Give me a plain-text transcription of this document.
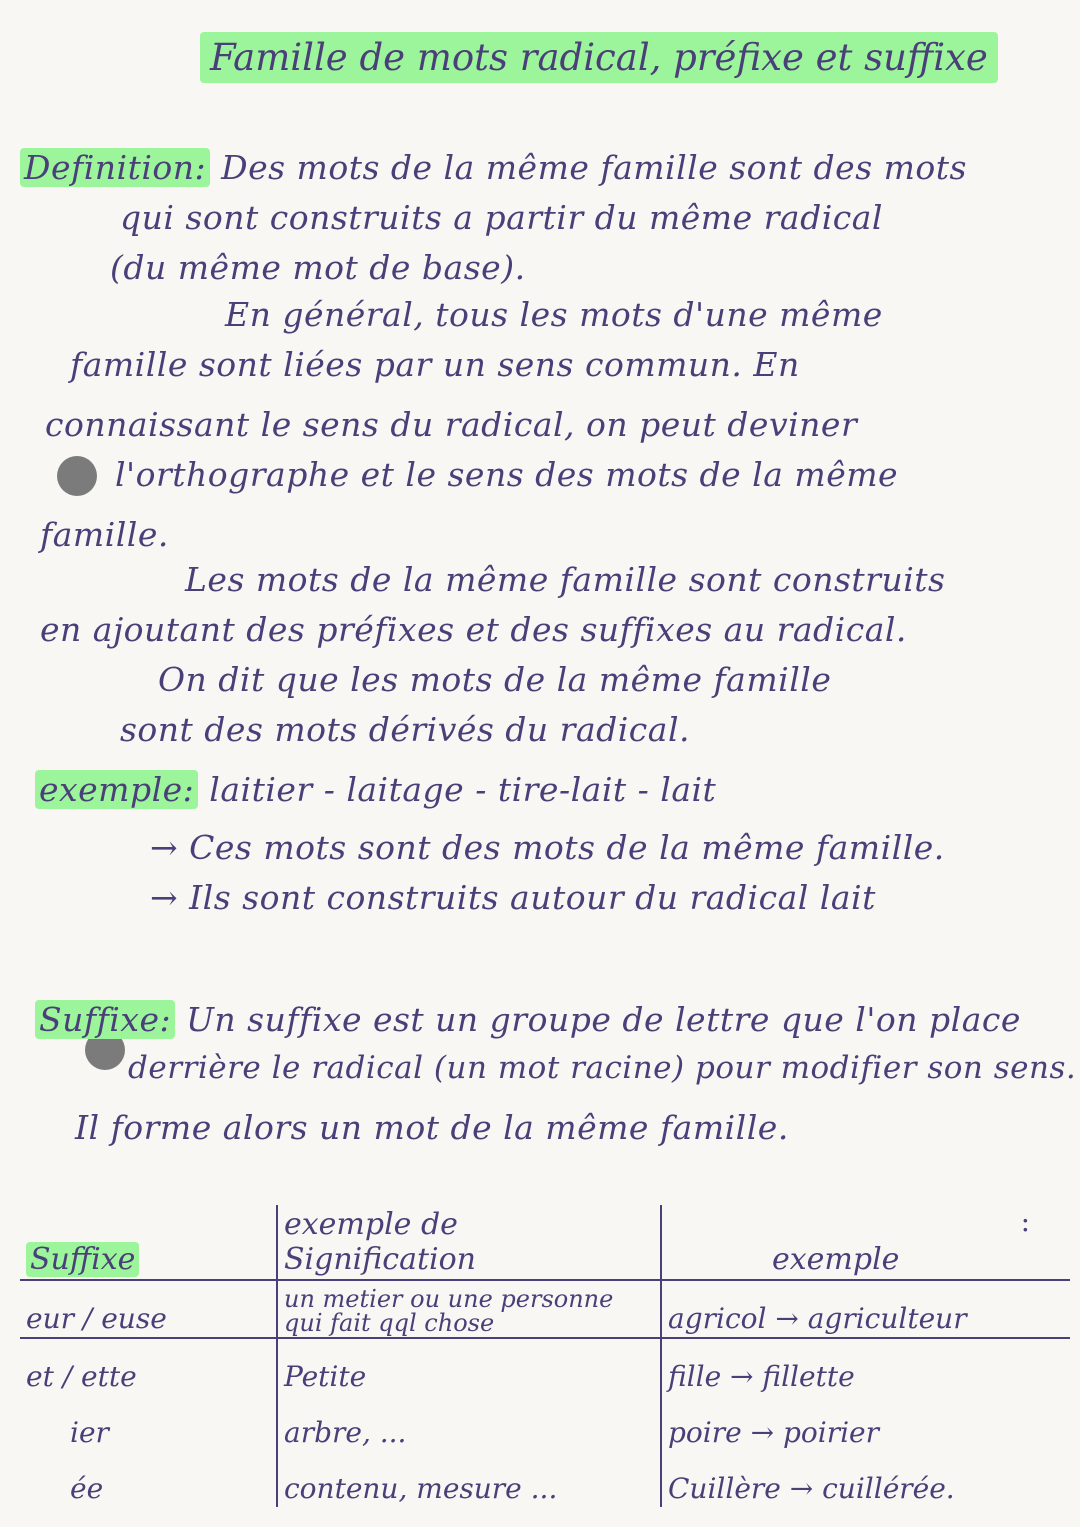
Famille de mots radical, préfixe et suffixe
Definition: Des mots de la même famille sont des mots
qui sont construits a partir du même radical
(du même mot de base).
En général, tous les mots d'une même
famille sont liées par un sens commun. En
connaissant le sens du radical, on peut deviner
l'orthographe et le sens des mots de la même
famille.
Les mots de la même famille sont construits
en ajoutant des préfixes et des suffixes au radical.
On dit que les mots de la même famille
sont des mots dérivés du radical.
exemple: laitier - laitage - tire-lait - lait
→ Ces mots sont des mots de la même famille.
→ Ils sont construits autour du radical lait
Suffixe: Un suffixe est un groupe de lettre que l'on place
derrière le radical (un mot racine) pour modifier son sens.
Il forme alors un mot de la même famille.
:
Suffixe	exemple de Signification	exemple
eur / euse	un metier ou une personne qui fait qql chose	agricol → agriculteur
et / ette	Petite	fille → fillette
ier	arbre, ...	poire → poirier
ée	contenu, mesure ...	Cuillère → cuillérée.
